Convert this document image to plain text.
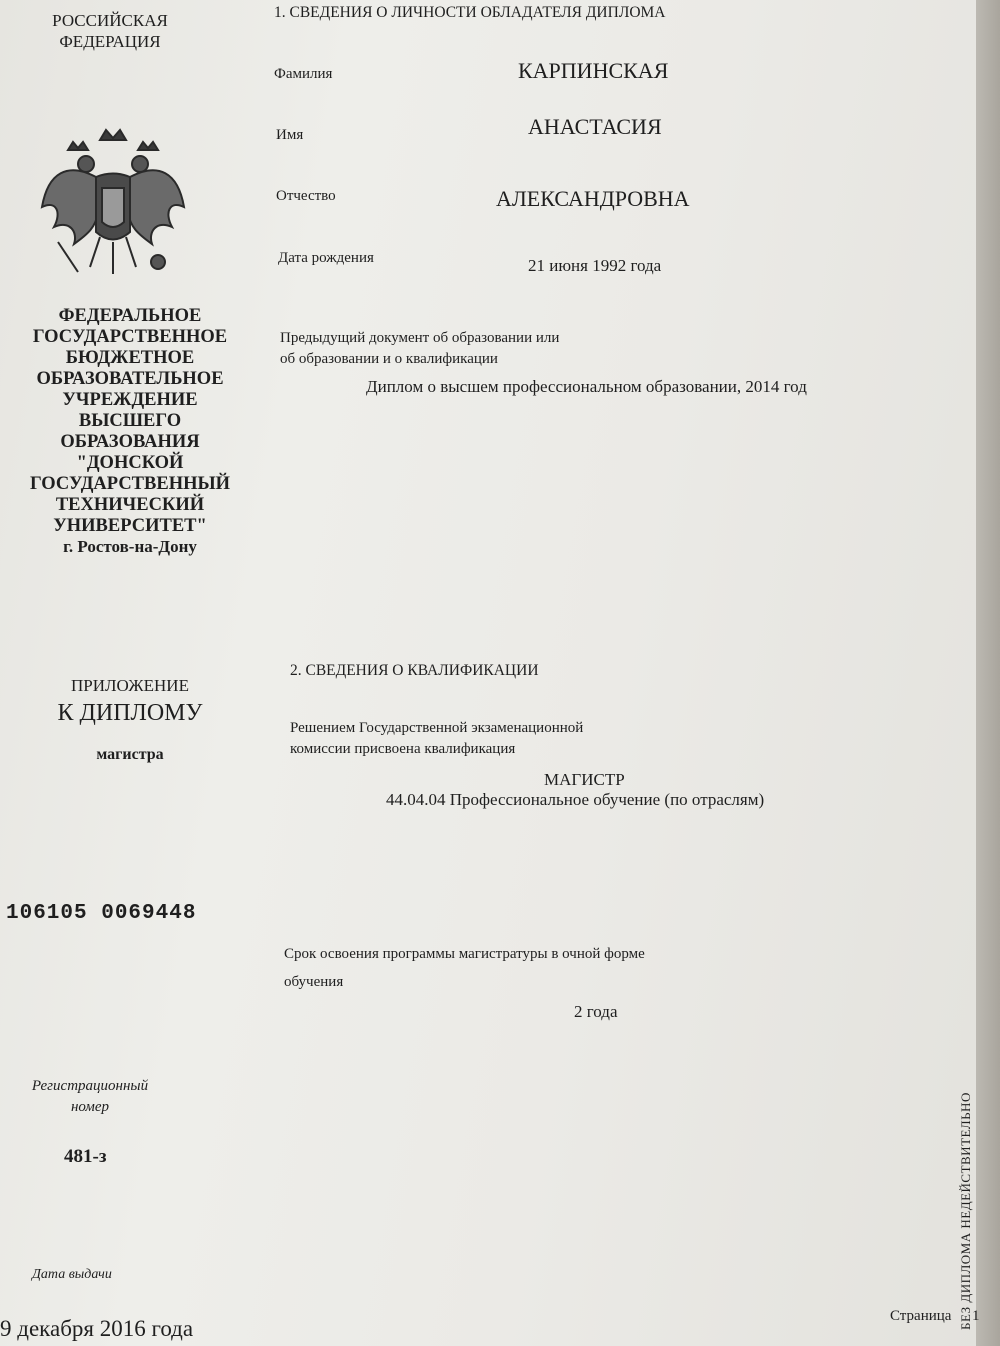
РОССИЙСКАЯ ФЕДЕРАЦИЯ
ФЕДЕРАЛЬНОЕ ГОСУДАРСТВЕННОЕ БЮДЖЕТНОЕ ОБРАЗОВАТЕЛЬНОЕ УЧРЕЖДЕНИЕ ВЫСШЕГО ОБРАЗОВАНИЯ "ДОНСКОЙ ГОСУДАРСТВЕННЫЙ ТЕХНИЧЕСКИЙ УНИВЕРСИТЕТ"
г. Ростов-на-Дону
ПРИЛОЖЕНИЕ
К ДИПЛОМУ
магистра
106105 0069448
Регистрационный номер
481-з
Дата выдачи
9 декабря 2016 года
1. СВЕДЕНИЯ О ЛИЧНОСТИ ОБЛАДАТЕЛЯ ДИПЛОМА
Фамилия	КАРПИНСКАЯ
Имя	АНАСТАСИЯ
Отчество	АЛЕКСАНДРОВНА
Дата рождения	21 июня 1992 года
Предыдущий документ об образовании или
об образовании и о квалификации
Диплом о высшем профессиональном образовании, 2014 год
2. СВЕДЕНИЯ О КВАЛИФИКАЦИИ
Решением Государственной экзаменационной
комиссии присвоена квалификация
МАГИСТР
44.04.04 Профессиональное обучение (по отраслям)
Срок освоения программы магистратуры в очной форме
обучения
2 года
Страница 1
БЕЗ ДИПЛОМА НЕДЕЙСТВИТЕЛЬНО
